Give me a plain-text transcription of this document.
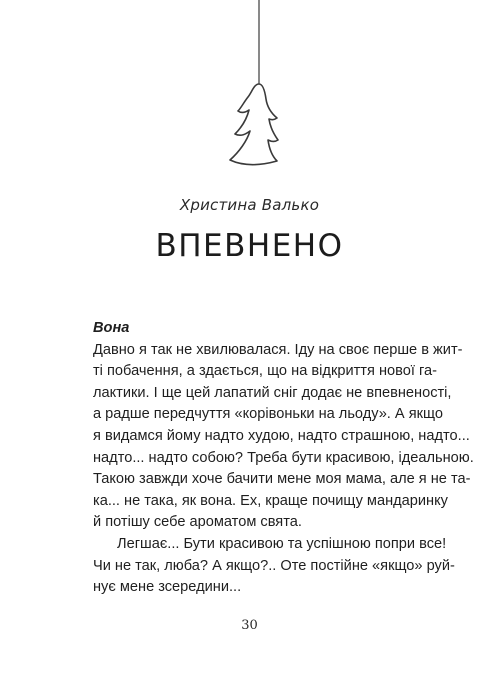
Христина Валько
ВПЕВНЕНО
Вона
Давно я так не хвилювалася. Іду на своє перше в жит-
ті побачення, а здається, що на відкриття нової га-
лактики. І ще цей лапатий сніг додає не впевненості,
а радше передчуття «корівоньки на льоду». А якщо
я видамся йому надто худою, надто страшною, надто...
надто... надто собою? Треба бути красивою, ідеальною.
Такою завжди хоче бачити мене моя мама, але я не та-
ка... не така, як вона. Ех, краще почищу мандаринку
й потішу себе ароматом свята.
Легшає... Бути красивою та успішною попри все!
Чи не так, люба? А якщо?.. Оте постійне «якщо» руй-
нує мене зсередини...
30
